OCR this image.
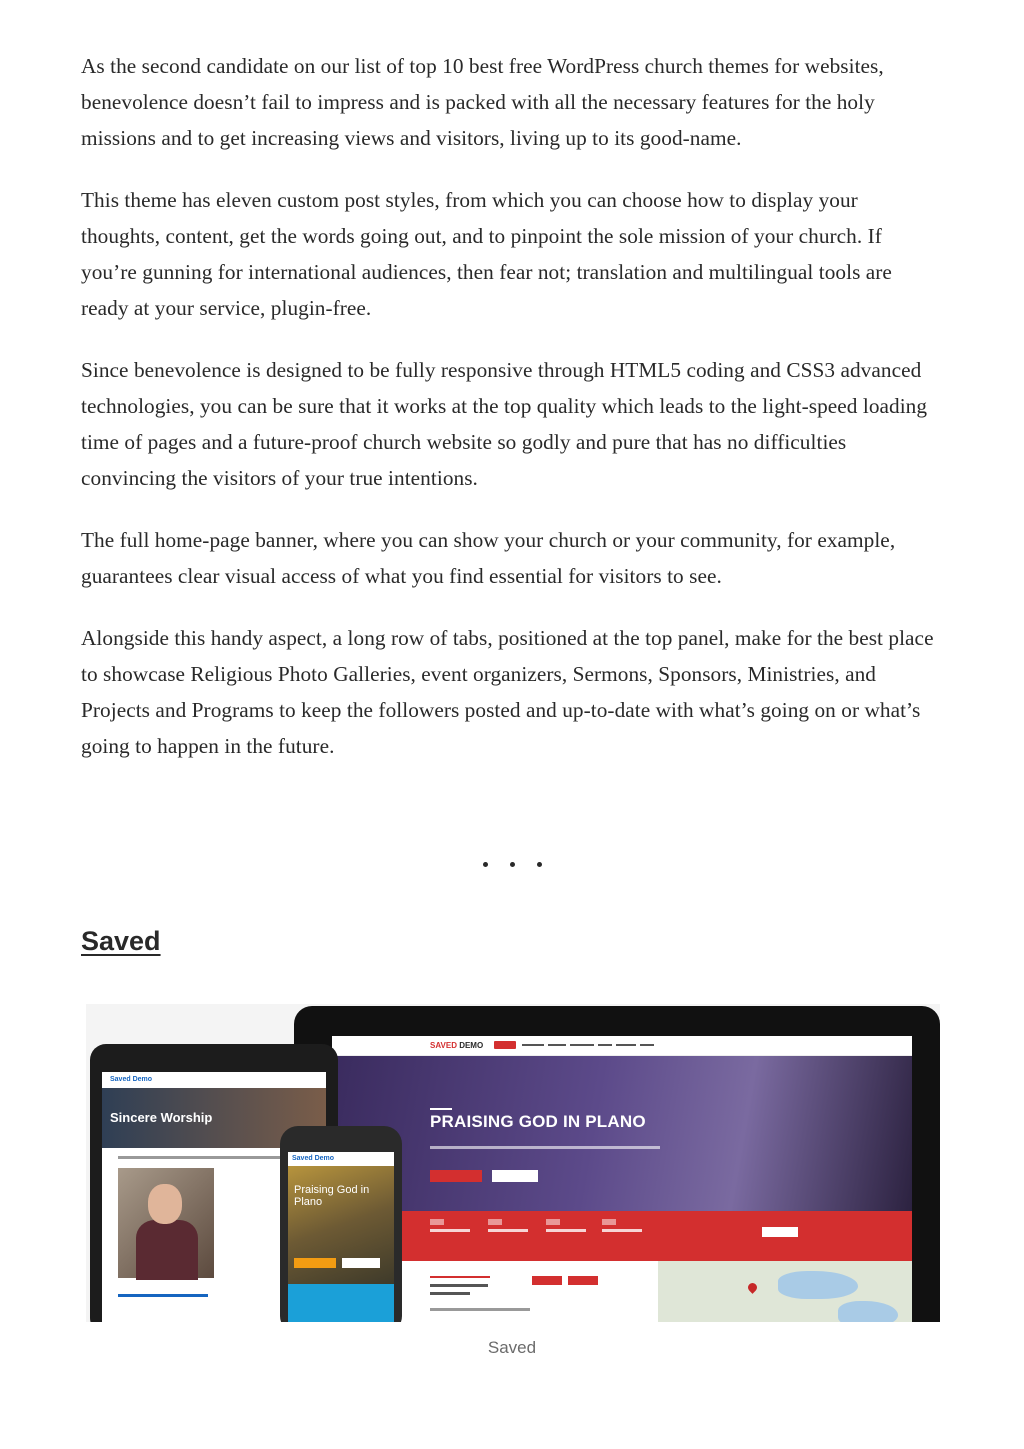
As the second candidate on our list of top 10 best free WordPress church themes for websites, benevolence doesn’t fail to impress and is packed with all the necessary features for the holy missions and to get increasing views and visitors, living up to its good-name.

This theme has eleven custom post styles, from which you can choose how to display your thoughts, content, get the words going out, and to pinpoint the sole mission of your church. If you’re gunning for international audiences, then fear not; translation and multilingual tools are ready at your service, plugin-free.

Since benevolence is designed to be fully responsive through HTML5 coding and CSS3 advanced technologies, you can be sure that it works at the top quality which leads to the light-speed loading time of pages and a future-proof church website so godly and pure that has no difficulties convincing the visitors of your true intentions.

The full home-page banner, where you can show your church or your community, for example, guarantees clear visual access of what you find essential for visitors to see.

Alongside this handy aspect, a long row of tabs, positioned at the top panel, make for the best place to showcase Religious Photo Galleries, event organizers, Sermons, Sponsors, Ministries, and Projects and Programs to keep the followers posted and up-to-date with what’s going on or what’s going to happen in the future.

Saved
SAVED DEMO
PRAISING GOD IN PLANO
Saved Demo
Sincere Worship
Saved Demo
Praising God in Plano
Saved
